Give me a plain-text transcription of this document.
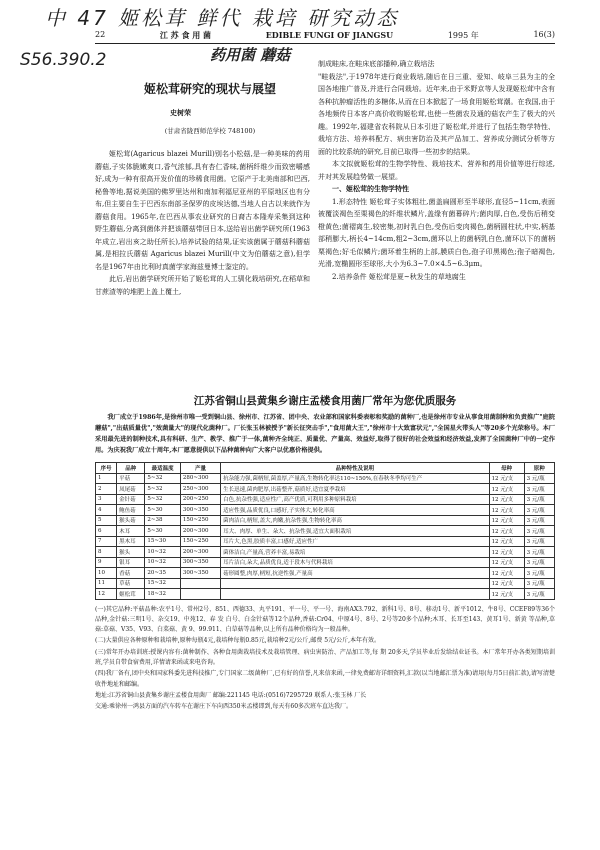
中 47 姬松茸 鲜代 栽培 研究动态
S56.390.2	药用菌 蘑菇
22	江 苏 食 用 菌	EDIBLE FUNGI OF JIANGSU	1995 年	16(3)
姬松茸研究的现状与展望
史树荣
(甘肃省陇西师范学校 748100)

姬松茸(Agaricus blazei Murill)别名小松菇,是一种美味的药用蘑菇,子实体脆嫩爽口,香气浓郁,具有杏仁香味,菌柄纤维少而致密嚼感好,成为一种有很高开发价值的珍稀食用菌。它原产于北美南部和巴西,秘鲁等地,据说美国的佛罗里达州和南加利福尼亚州的平原地区也有分布,但主要自生于巴西东南部圣保罗的皮埃达德,当地人自古以来就作为蘑菇食用。1965年,在巴西从事农业研究的日裔古本隆寿采集到这种野生蘑菇,分离到菌体并把该蘑菇带回日本,送给岩出菌学研究所(1963年成立,岩出亥之助任所长),培养试验的结果,证实该菌属于蘑菇科蘑菇属,是相拉氏蘑菇 Agaricus blazei Murill(中文为伯蘑菇之意),但学名是1967年由比利时真菌学家海兹曼博士鉴定的。

此后,岩出菌学研究所开始了姬松茸的人工驯化栽培研究,在稻草和甘蔗渣等的堆肥上盖上覆土,

制成畦床,在畦床底部播种,确立栽培法

"畦栽法",于1978年进行商业栽培,随后在日三重、爱知、岐阜三县为主的全国各地推广普及,并进行合同栽培。近年来,由于米野京等人发现姬松茸中含有各种抗肿瘤活性的多糖体,从而在日本掀起了一场食用姬松茸潮。在我国,由于各地频传日本客户高价收购姬松茸,也使一些菌农及通的菇农产生了极大的兴趣。1992年,福建省农科院从日本引进了姬松茸,并进行了包括生物学特性、栽培方法、培养料配方、病虫害防治及其产品加工、营养成分测试分析等方面的比较系统的研究,目前已取得一些初步的结果。

本文拟就姬松茸的生物学特性、栽培技术、营养和药用价值等进行综述,并对其发展趋势做一展望。

一、姬松茸的生物学特性

1.形态特性 姬松茸子实体粗壮,菌盖扁圆形至半球形,直径5~11cm,表面被覆淡褐色至栗褐色的纤维状鳞片,盖缘有菌幕碎片;菌肉厚,白色,受伤后稍变橙黄色;菌褶离生,较密集,初时乳白色,受伤后变肉褐色,菌柄圆柱状,中实,柄基部稍膨大,柄长4~14cm,粗2~3cm,菌环以上的菌柄乳白色,菌环以下的菌柄栗褐色;好毛似鳞片;菌环着生柄的上部,膜质白色,孢子印黑褐色;孢子暗褐色,光滑,宽椭圆形至球形,大小为6.3~7.0×4.5~6.3μm。

2.培养条件 姬松茸是夏~秋发生的草地腐生

江苏省铜山县黄集乡谢庄孟楼食用菌厂常年为您优质服务
我厂成立于1986年,是徐州市唯一受到铜山县、徐州市、江苏省、团中央、农业部和国家科委表彰和奖励的菌种厂,也是徐州市专业从事食用菌制种和负责推广"庭院蘑菇","出菇质量优","效菌量大"的现代化菌种厂。厂长张玉林被授予"新长征突击手","食用菌大王","徐州市十大致富状元","全国星火带头人"等20多个光荣称号。本厂采用最先进的制种技术,具有科研、生产、教学、推广于一体,菌种齐全纯正、质量优、产量高、效益好,取得了很好的社会效益和经济效益,发挥了全国菌种厂中的一定作用。为庆祝我厂成立十周年,本厂愿意提供以下品种菌种向广大客户以优惠价格提供。
序号	品种	最适温度	产量	品种特性及说明	母种	原种
1	平菇	5~32	280~300	抗杂能力强,菌柄短,菌盖厚,产量高,生物转化率达110~150%,在春秋冬季均可生产	12 元/支	3 元/瓶
2	凤尾菇	5~32	250~300	生长迅速,菌肉肥厚,出菇整齐,菇质好,适宜夏季栽培	12 元/支	3 元/瓶
3	金针菇	5~32	200~250	白色,抗杂性强,适应性广,高产优质,可利用多种原料栽培	12 元/支	3 元/瓶
4	鲍鱼菇	5~30	300~350	适应性强,品质优良,口感好,子实体大,转化率高	12 元/支	3 元/瓶
5	猴头菇	2~38	150~250	菌肉洁白,柄短,盖大,肉嫩,抗杂性强,生物转化率高	12 元/支	3 元/瓶
6	木耳	5~30	200~300	耳大、肉厚、单生、朵大、抗杂性强,适宜大面积栽培	12 元/支	3 元/瓶
7	黑木耳	15~30	150~250	耳片大,色黑,胶质丰富,口感好,适应性广	12 元/支	3 元/瓶
8	猴头	10~32	200~300	菌体洁白,产量高,营养丰富,易栽培	12 元/支	3 元/瓶
9	银耳	10~32	300~350	耳片洁白,朵大,品质优良,适于段木与代料栽培	12 元/支	3 元/瓶
10	香菇	20~35	300~350	菇形圆整,肉厚,柄短,抗逆性强,产量高	12 元/支	3 元/瓶
11	草菇	15~32			12 元/支	3 元/瓶
12	姬松茸	18~32			12 元/支	3 元/瓶

(一)其它品种:平菇品种:农平1号、常州2号、851、西德33、丸平191、平一号、平一号、海南AX3.792、新科1号、8号、移动1号、新平1012、牛8号、CCEF89等36个品种,金针菇:三明1号、杂交19、中苑12、春 发 白号、白金针菇等12个品种,香菇:Cr04、中原4号、8号、2号等20多个品种;木耳、长耳至143、黄耳1号、新黄 等品种,草菇:草菇、V35、V93、白菜菇、黄 9、99.911、白草菇等品种,以上所有品种价格均为一般品种。

(二)大量供应各种原种和栽培种,原种每瓶4元,栽培种每瓶0.85元,栽培种2元/公斤,邮费 5元/公斤,本年有效。

(三)常年开办培训班:授课内容有:菌种制作、各种食用菌栽培技术及栽培管理、病虫害防治、产品加工等,每 期 20多天,学员毕业后发给结业证书。本厂常年开办各类短期培训班,学员自带食宿费用,详情请来函或来电咨询。

(四)我厂备有,团中央和国家科委先进科技推广,专门国家二级菌种厂,已有好的信誉,凡来信来函,一律免费邮寄详细资料,汇款(以当地邮汇票为准)请用(每月5日前汇款),请写清楚收件地址和邮编。

地址:江苏省铜山县黄集乡谢庄孟楼食用菌厂 邮编:221145 电话:(0516)7295729 联系人:张玉林 厂长

交通:乘徐州一鸿县方面的汽车转车在谢庄下车向西350米孟楼即到,每天有60多次班车直达我厂。
